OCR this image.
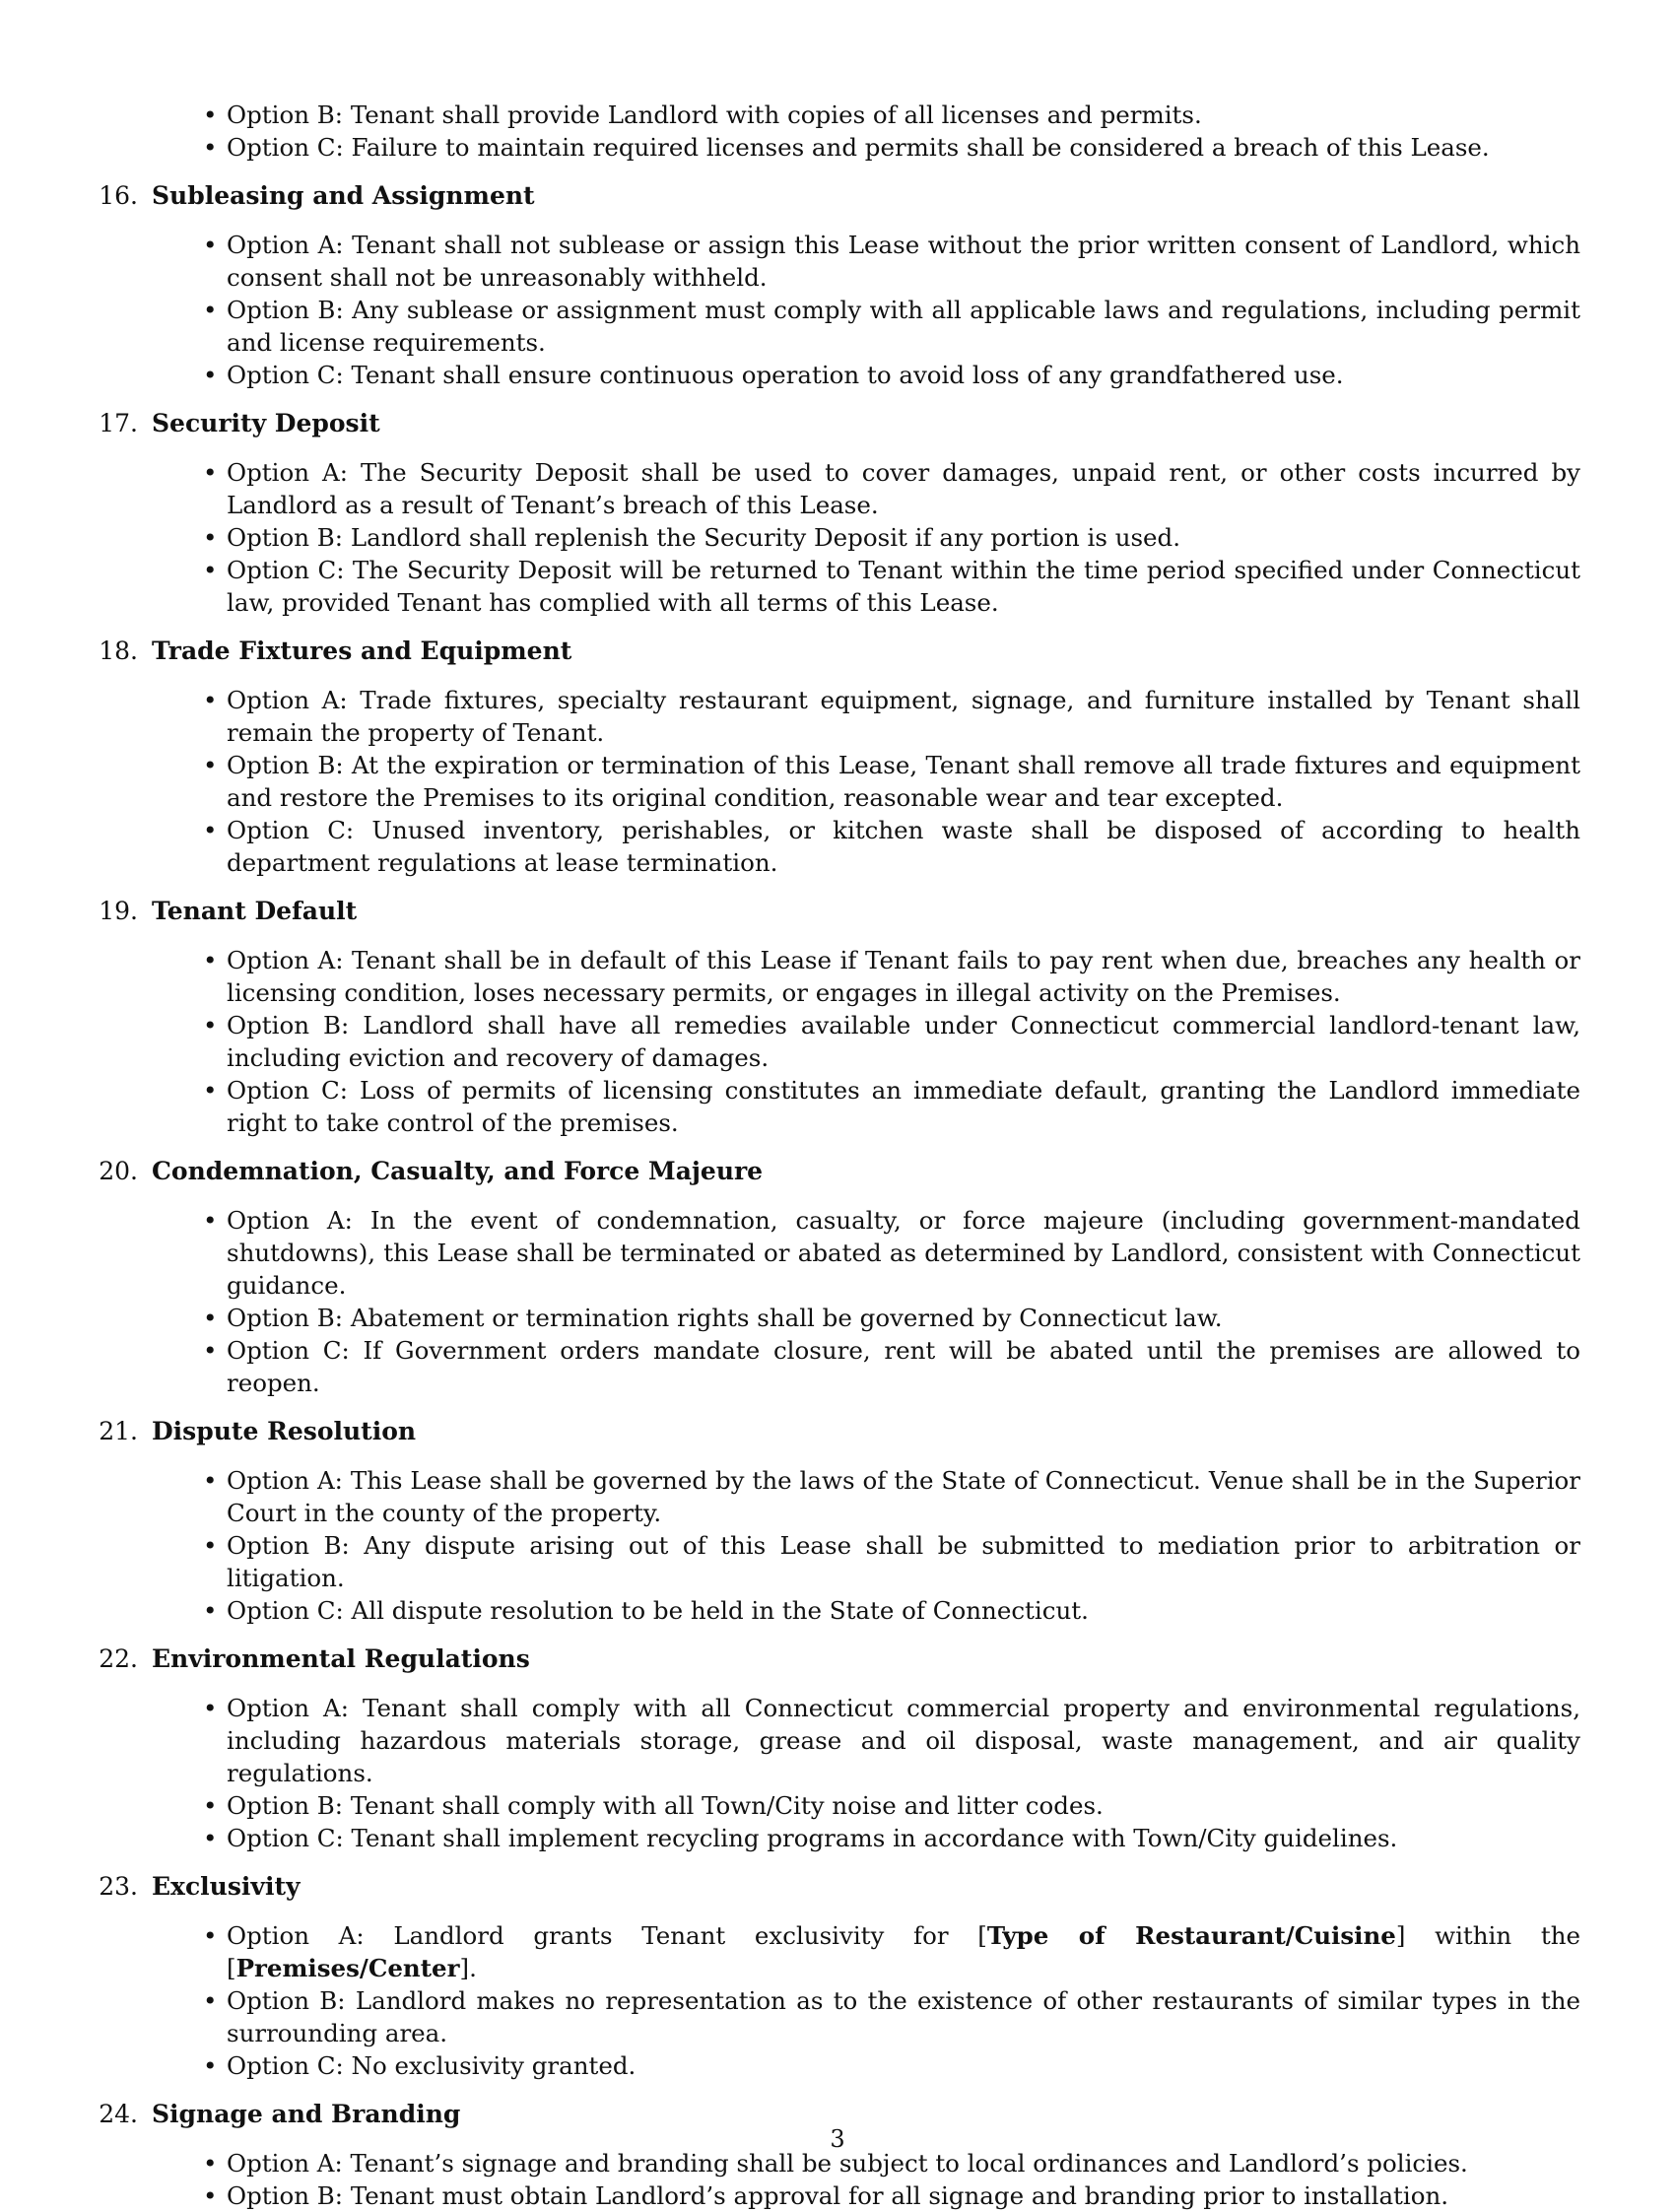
• Option B: Tenant shall provide Landlord with copies of all licenses and permits.
• Option C: Failure to maintain required licenses and permits shall be considered a breach of this Lease.
16. Subleasing and Assignment
• Option A: Tenant shall not sublease or assign this Lease without the prior written consent of Landlord, which consent shall not be unreasonably withheld.
• Option B: Any sublease or assignment must comply with all applicable laws and regulations, including permit and license requirements.
• Option C: Tenant shall ensure continuous operation to avoid loss of any grandfathered use.
17. Security Deposit
• Option A: The Security Deposit shall be used to cover damages, unpaid rent, or other costs incurred by Landlord as a result of Tenant’s breach of this Lease.
• Option B: Landlord shall replenish the Security Deposit if any portion is used.
• Option C: The Security Deposit will be returned to Tenant within the time period specified under Connecticut law, provided Tenant has complied with all terms of this Lease.
18. Trade Fixtures and Equipment
• Option A: Trade fixtures, specialty restaurant equipment, signage, and furniture installed by Tenant shall remain the property of Tenant.
• Option B: At the expiration or termination of this Lease, Tenant shall remove all trade fixtures and equipment and restore the Premises to its original condition, reasonable wear and tear excepted.
• Option C: Unused inventory, perishables, or kitchen waste shall be disposed of according to health department regulations at lease termination.
19. Tenant Default
• Option A: Tenant shall be in default of this Lease if Tenant fails to pay rent when due, breaches any health or licensing condition, loses necessary permits, or engages in illegal activity on the Premises.
• Option B: Landlord shall have all remedies available under Connecticut commercial landlord-tenant law, including eviction and recovery of damages.
• Option C: Loss of permits of licensing constitutes an immediate default, granting the Landlord immediate right to take control of the premises.
20. Condemnation, Casualty, and Force Majeure
• Option A: In the event of condemnation, casualty, or force majeure (including government-mandated shutdowns), this Lease shall be terminated or abated as determined by Landlord, consistent with Connecticut guidance.
• Option B: Abatement or termination rights shall be governed by Connecticut law.
• Option C: If Government orders mandate closure, rent will be abated until the premises are allowed to reopen.
21. Dispute Resolution
• Option A: This Lease shall be governed by the laws of the State of Connecticut. Venue shall be in the Superior Court in the county of the property.
• Option B: Any dispute arising out of this Lease shall be submitted to mediation prior to arbitration or litigation.
• Option C: All dispute resolution to be held in the State of Connecticut.
22. Environmental Regulations
• Option A: Tenant shall comply with all Connecticut commercial property and environmental regulations, including hazardous materials storage, grease and oil disposal, waste management, and air quality regulations.
• Option B: Tenant shall comply with all Town/City noise and litter codes.
• Option C: Tenant shall implement recycling programs in accordance with Town/City guidelines.
23. Exclusivity
• Option A: Landlord grants Tenant exclusivity for [Type of Restaurant/Cuisine] within the [Premises/Center].
• Option B: Landlord makes no representation as to the existence of other restaurants of similar types in the surrounding area.
• Option C: No exclusivity granted.
24. Signage and Branding
• Option A: Tenant’s signage and branding shall be subject to local ordinances and Landlord’s policies.
• Option B: Tenant must obtain Landlord’s approval for all signage and branding prior to installation.
3
